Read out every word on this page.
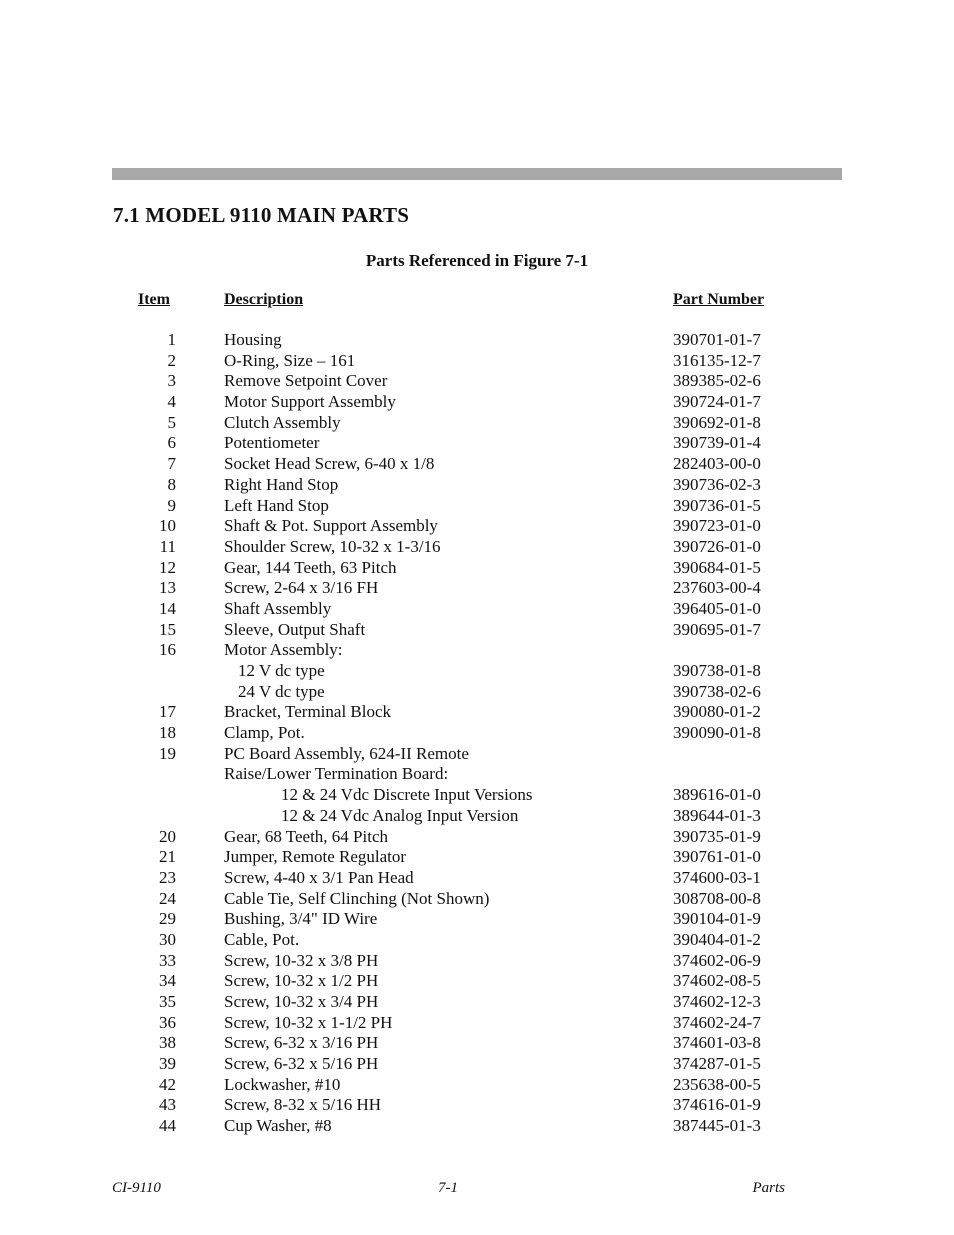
7.1 MODEL 9110 MAIN PARTS
Parts Referenced in Figure 7-1
Item	Description	Part Number
1	Housing	390701-01-7
2	O-Ring, Size – 161	316135-12-7
3	Remove Setpoint Cover	389385-02-6
4	Motor Support Assembly	390724-01-7
5	Clutch Assembly	390692-01-8
6	Potentiometer	390739-01-4
7	Socket Head Screw, 6-40 x 1/8	282403-00-0
8	Right Hand Stop	390736-02-3
9	Left Hand Stop	390736-01-5
10	Shaft & Pot. Support Assembly	390723-01-0
11	Shoulder Screw, 10-32 x 1-3/16	390726-01-0
12	Gear, 144 Teeth, 63 Pitch	390684-01-5
13	Screw, 2-64 x 3/16 FH	237603-00-4
14	Shaft Assembly	396405-01-0
15	Sleeve, Output Shaft	390695-01-7
16	Motor Assembly:
12 V dc type	390738-01-8
24 V dc type	390738-02-6
17	Bracket, Terminal Block	390080-01-2
18	Clamp, Pot.	390090-01-8
19	PC Board Assembly, 624-II Remote
Raise/Lower Termination Board:
12 & 24 Vdc Discrete Input Versions	389616-01-0
12 & 24 Vdc Analog Input Version	389644-01-3
20	Gear, 68 Teeth, 64 Pitch	390735-01-9
21	Jumper, Remote Regulator	390761-01-0
23	Screw, 4-40 x 3/1 Pan Head	374600-03-1
24	Cable Tie, Self Clinching (Not Shown)	308708-00-8
29	Bushing, 3/4" ID Wire	390104-01-9
30	Cable, Pot.	390404-01-2
33	Screw, 10-32 x 3/8 PH	374602-06-9
34	Screw, 10-32 x 1/2 PH	374602-08-5
35	Screw, 10-32 x 3/4 PH	374602-12-3
36	Screw, 10-32 x 1-1/2 PH	374602-24-7
38	Screw, 6-32 x 3/16 PH	374601-03-8
39	Screw, 6-32 x 5/16 PH	374287-01-5
42	Lockwasher, #10	235638-00-5
43	Screw, 8-32 x 5/16 HH	374616-01-9
44	Cup Washer, #8	387445-01-3
CI-9110	7-1	Parts
